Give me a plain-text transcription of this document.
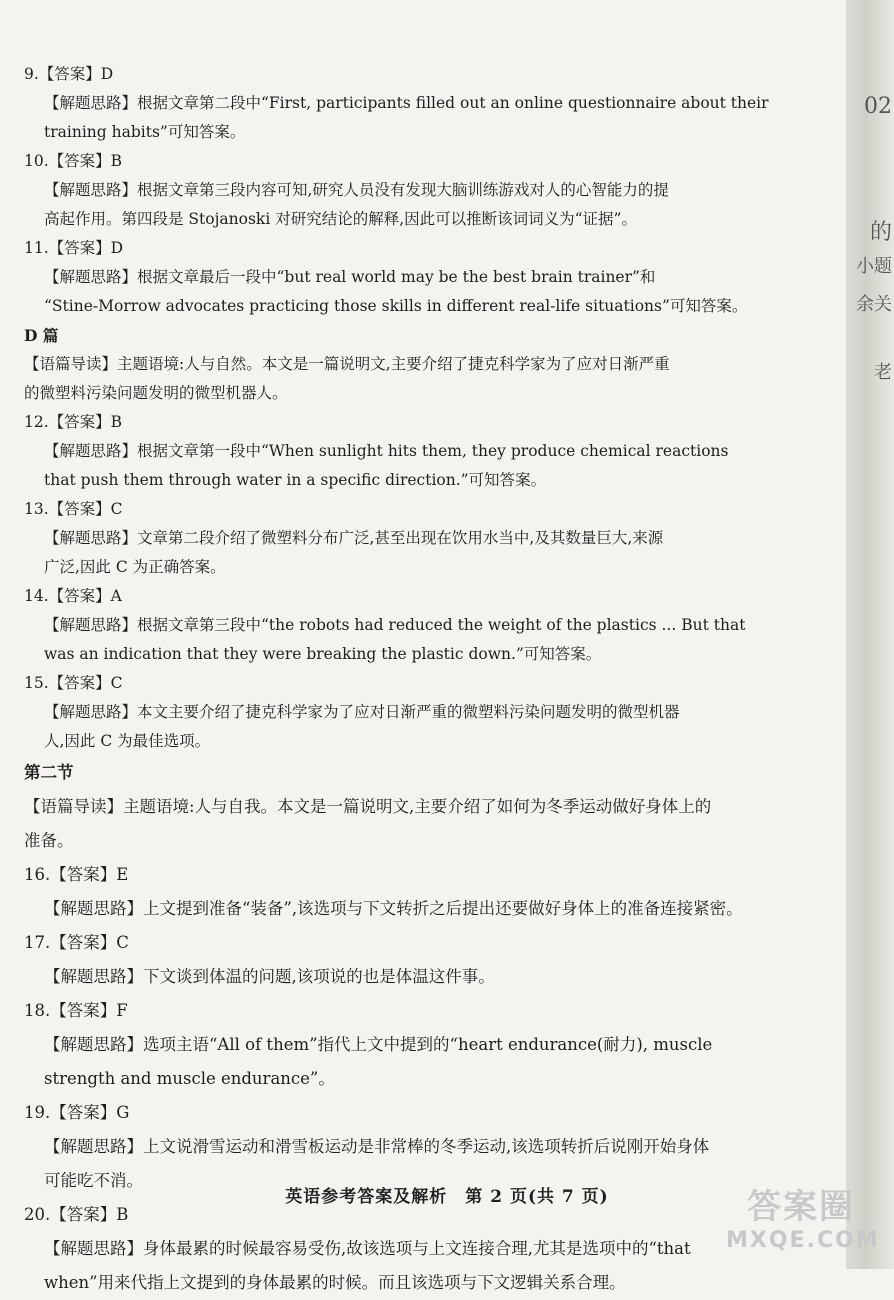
02
的
小题
余关
老
9.【答案】D
【解题思路】根据文章第二段中“First, participants filled out an online questionnaire about their
training habits”可知答案。
10.【答案】B
【解题思路】根据文章第三段内容可知,研究人员没有发现大脑训练游戏对人的心智能力的提
高起作用。第四段是 Stojanoski 对研究结论的解释,因此可以推断该词词义为“证据”。
11.【答案】D
【解题思路】根据文章最后一段中“but real world may be the best brain trainer”和
“Stine-Morrow advocates practicing those skills in different real-life situations”可知答案。
D 篇
【语篇导读】主题语境:人与自然。本文是一篇说明文,主要介绍了捷克科学家为了应对日渐严重
的微塑料污染问题发明的微型机器人。
12.【答案】B
【解题思路】根据文章第一段中“When sunlight hits them, they produce chemical reactions
that push them through water in a specific direction.”可知答案。
13.【答案】C
【解题思路】文章第二段介绍了微塑料分布广泛,甚至出现在饮用水当中,及其数量巨大,来源
广泛,因此 C 为正确答案。
14.【答案】A
【解题思路】根据文章第三段中“the robots had reduced the weight of the plastics ... But that
was an indication that they were breaking the plastic down.”可知答案。
15.【答案】C
【解题思路】本文主要介绍了捷克科学家为了应对日渐严重的微塑料污染问题发明的微型机器
人,因此 C 为最佳选项。
第二节
【语篇导读】主题语境:人与自我。本文是一篇说明文,主要介绍了如何为冬季运动做好身体上的
准备。
16.【答案】E
【解题思路】上文提到准备“装备”,该选项与下文转折之后提出还要做好身体上的准备连接紧密。
17.【答案】C
【解题思路】下文谈到体温的问题,该项说的也是体温这件事。
18.【答案】F
【解题思路】选项主语“All of them”指代上文中提到的“heart endurance(耐力), muscle
strength and muscle endurance”。
19.【答案】G
【解题思路】上文说滑雪运动和滑雪板运动是非常棒的冬季运动,该选项转折后说刚开始身体
可能吃不消。
20.【答案】B
【解题思路】身体最累的时候最容易受伤,故该选项与上文连接合理,尤其是选项中的“that
when”用来代指上文提到的身体最累的时候。而且该选项与下文逻辑关系合理。
英语参考答案及解析　第 2 页(共 7 页)	答案圈
MXQE.COM
